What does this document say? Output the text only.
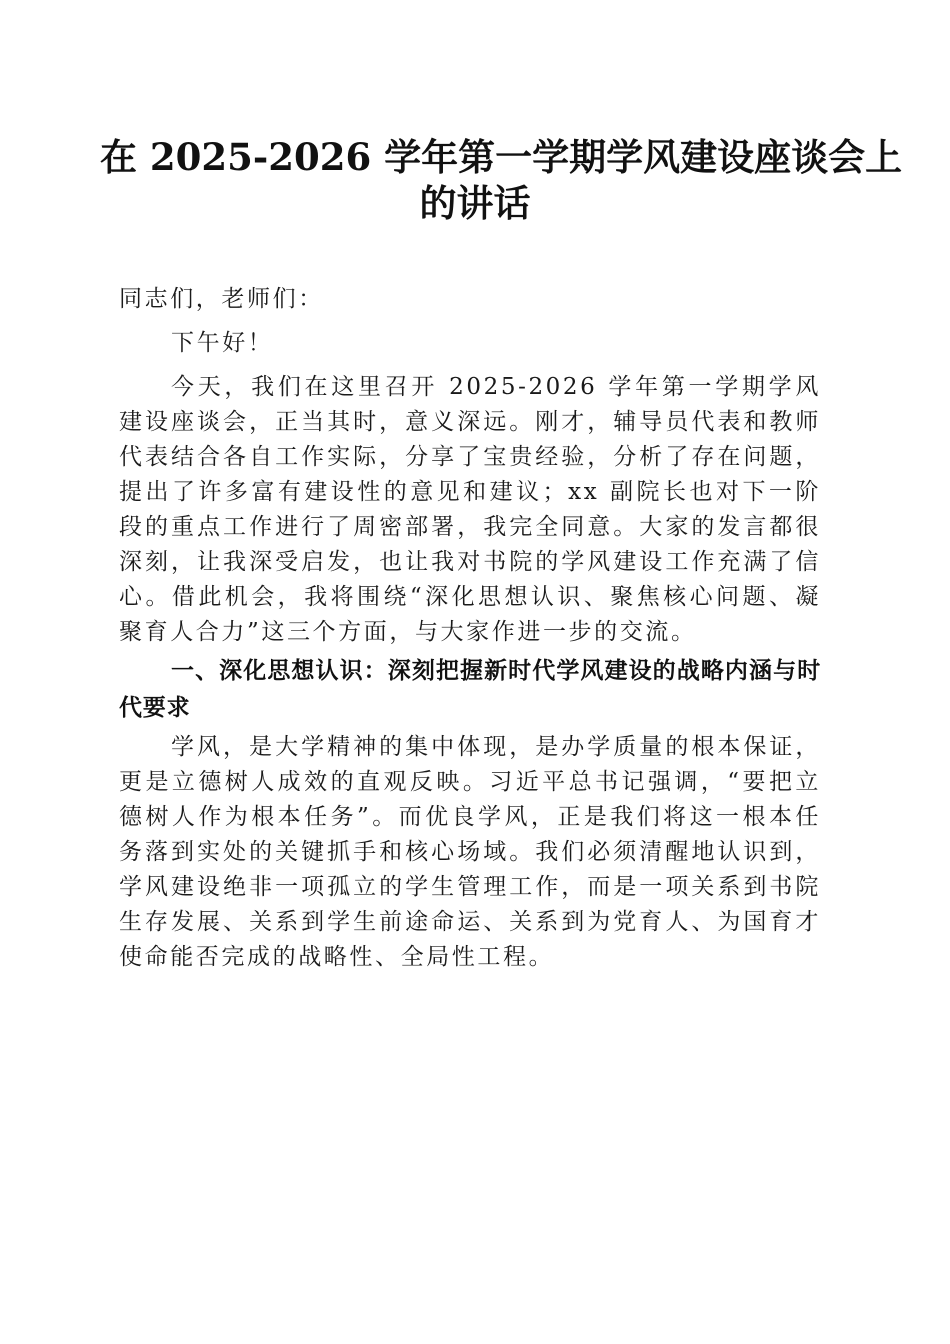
在 2025-2026 学年第一学期学风建设座谈会上
的讲话

同志们，老师们：

下午好！

今天，我们在这里召开 2025-2026 学年第一学期学风建设座谈会，正当其时，意义深远。刚才，辅导员代表和教师代表结合各自工作实际，分享了宝贵经验，分析了存在问题，提出了许多富有建设性的意见和建议；xx 副院长也对下一阶段的重点工作进行了周密部署，我完全同意。大家的发言都很深刻，让我深受启发，也让我对书院的学风建设工作充满了信心。借此机会，我将围绕“深化思想认识、聚焦核心问题、凝聚育人合力”这三个方面，与大家作进一步的交流。

一、深化思想认识：深刻把握新时代学风建设的战略内涵与时代要求

学风，是大学精神的集中体现，是办学质量的根本保证，更是立德树人成效的直观反映。习近平总书记强调，“要把立德树人作为根本任务”。而优良学风，正是我们将这一根本任务落到实处的关键抓手和核心场域。我们必须清醒地认识到，学风建设绝非一项孤立的学生管理工作，而是一项关系到书院生存发展、关系到学生前途命运、关系到为党育人、为国育才使命能否完成的战略性、全局性工程。
